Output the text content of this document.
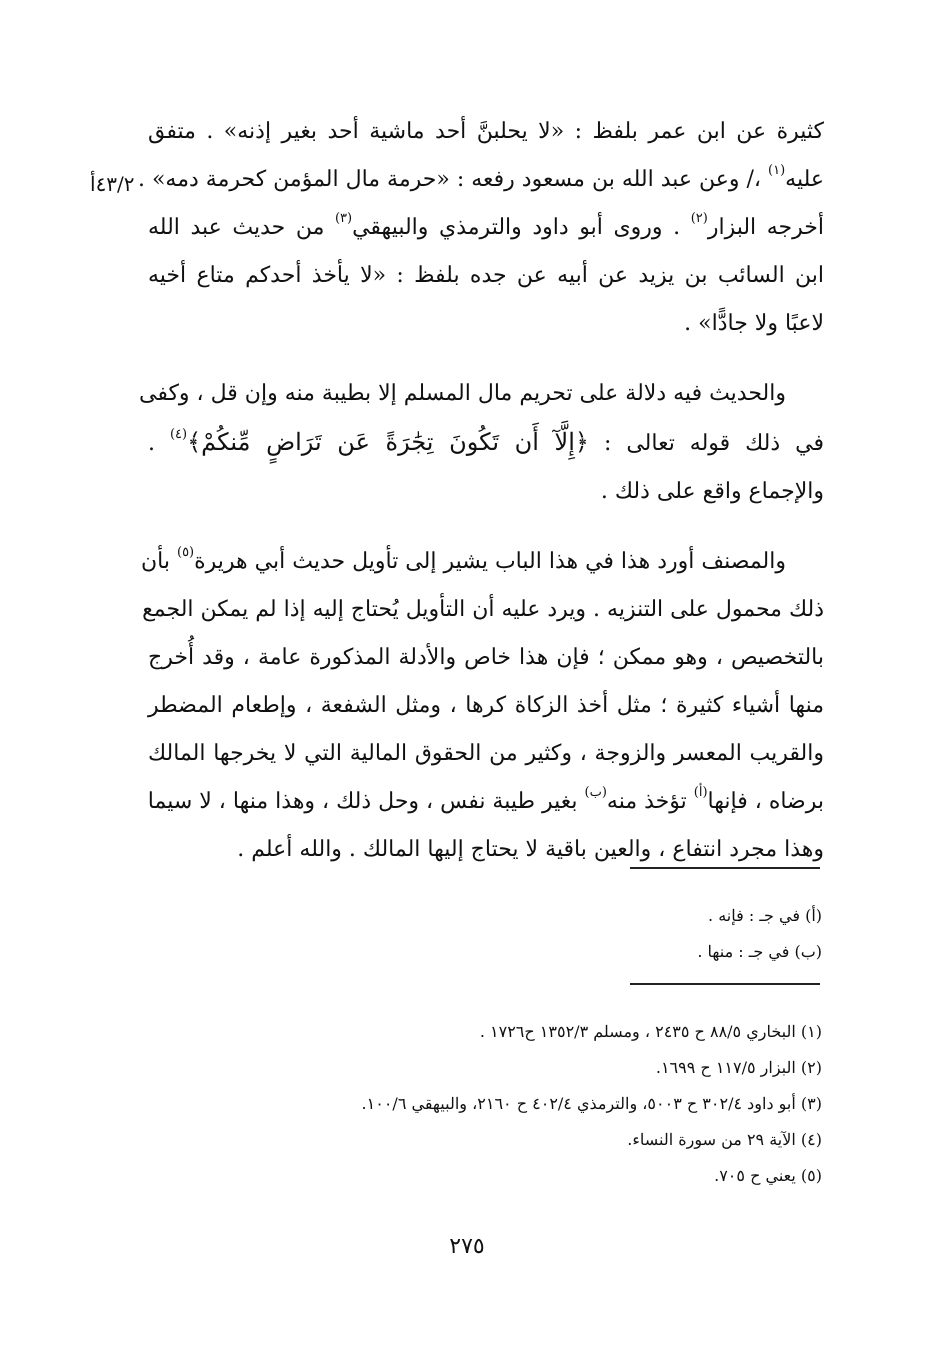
٤٣/٢أ

كثيرة عن ابن عمر بلفظ : «لا يحلبنَّ أحد ماشية أحد بغير إذنه» . متفق
عليه$^{(١)}$ ،/ وعن عبد الله بن مسعود رفعه : «حرمة مال المؤمن كحرمة دمه» .
أخرجه البزار$^{(٢)}$ . وروى أبو داود والترمذي والبيهقي$^{(٣)}$ من حديث عبد الله
ابن السائب بن يزيد عن أبيه عن جده بلفظ : «لا يأخذ أحدكم متاع أخيه
لاعبًا ولا جادًّا» .

والحديث فيه دلالة على تحريم مال المسلم إلا بطيبة منه وإن قل ، وكفى
في ذلك قوله تعالى : ﴿إِلَّآ أَن تَكُونَ تِجَٰرَةً عَن تَرَاضٍ مِّنكُمْ﴾$^{(٤)}$ .
والإجماع واقع على ذلك .

والمصنف أورد هذا في هذا الباب يشير إلى تأويل حديث أبي هريرة$^{(٥)}$ بأن
ذلك محمول على التنزيه . ويرد عليه أن التأويل يُحتاج إليه إذا لم يمكن الجمع
بالتخصيص ، وهو ممكن ؛ فإن هذا خاص والأدلة المذكورة عامة ، وقد أُخرج
منها أشياء كثيرة ؛ مثل أخذ الزكاة كرها ، ومثل الشفعة ، وإطعام المضطر
والقريب المعسر والزوجة ، وكثير من الحقوق المالية التي لا يخرجها المالك
برضاه ، فإنها$^{(أ)}$ تؤخذ منه$^{(ب)}$ بغير طيبة نفس ، وحل ذلك ، وهذا منها ، لا سيما
وهذا مجرد انتفاع ، والعين باقية لا يحتاج إليها المالك . والله أعلم .

(أ) في جـ : فإنه .
(ب) في جـ : منها .
(١) البخاري ٨٨/٥ ح ٢٤٣٥ ، ومسلم ١٣٥٢/٣ ح١٧٢٦ .
(٢) البزار ١١٧/٥ ح ١٦٩٩.
(٣) أبو داود ٣٠٢/٤ ح ٥٠٠٣، والترمذي ٤٠٢/٤ ح ٢١٦٠، والبيهقي ١٠٠/٦.
(٤) الآية ٢٩ من سورة النساء.
(٥) يعني ح ٧٠٥.
٢٧٥
